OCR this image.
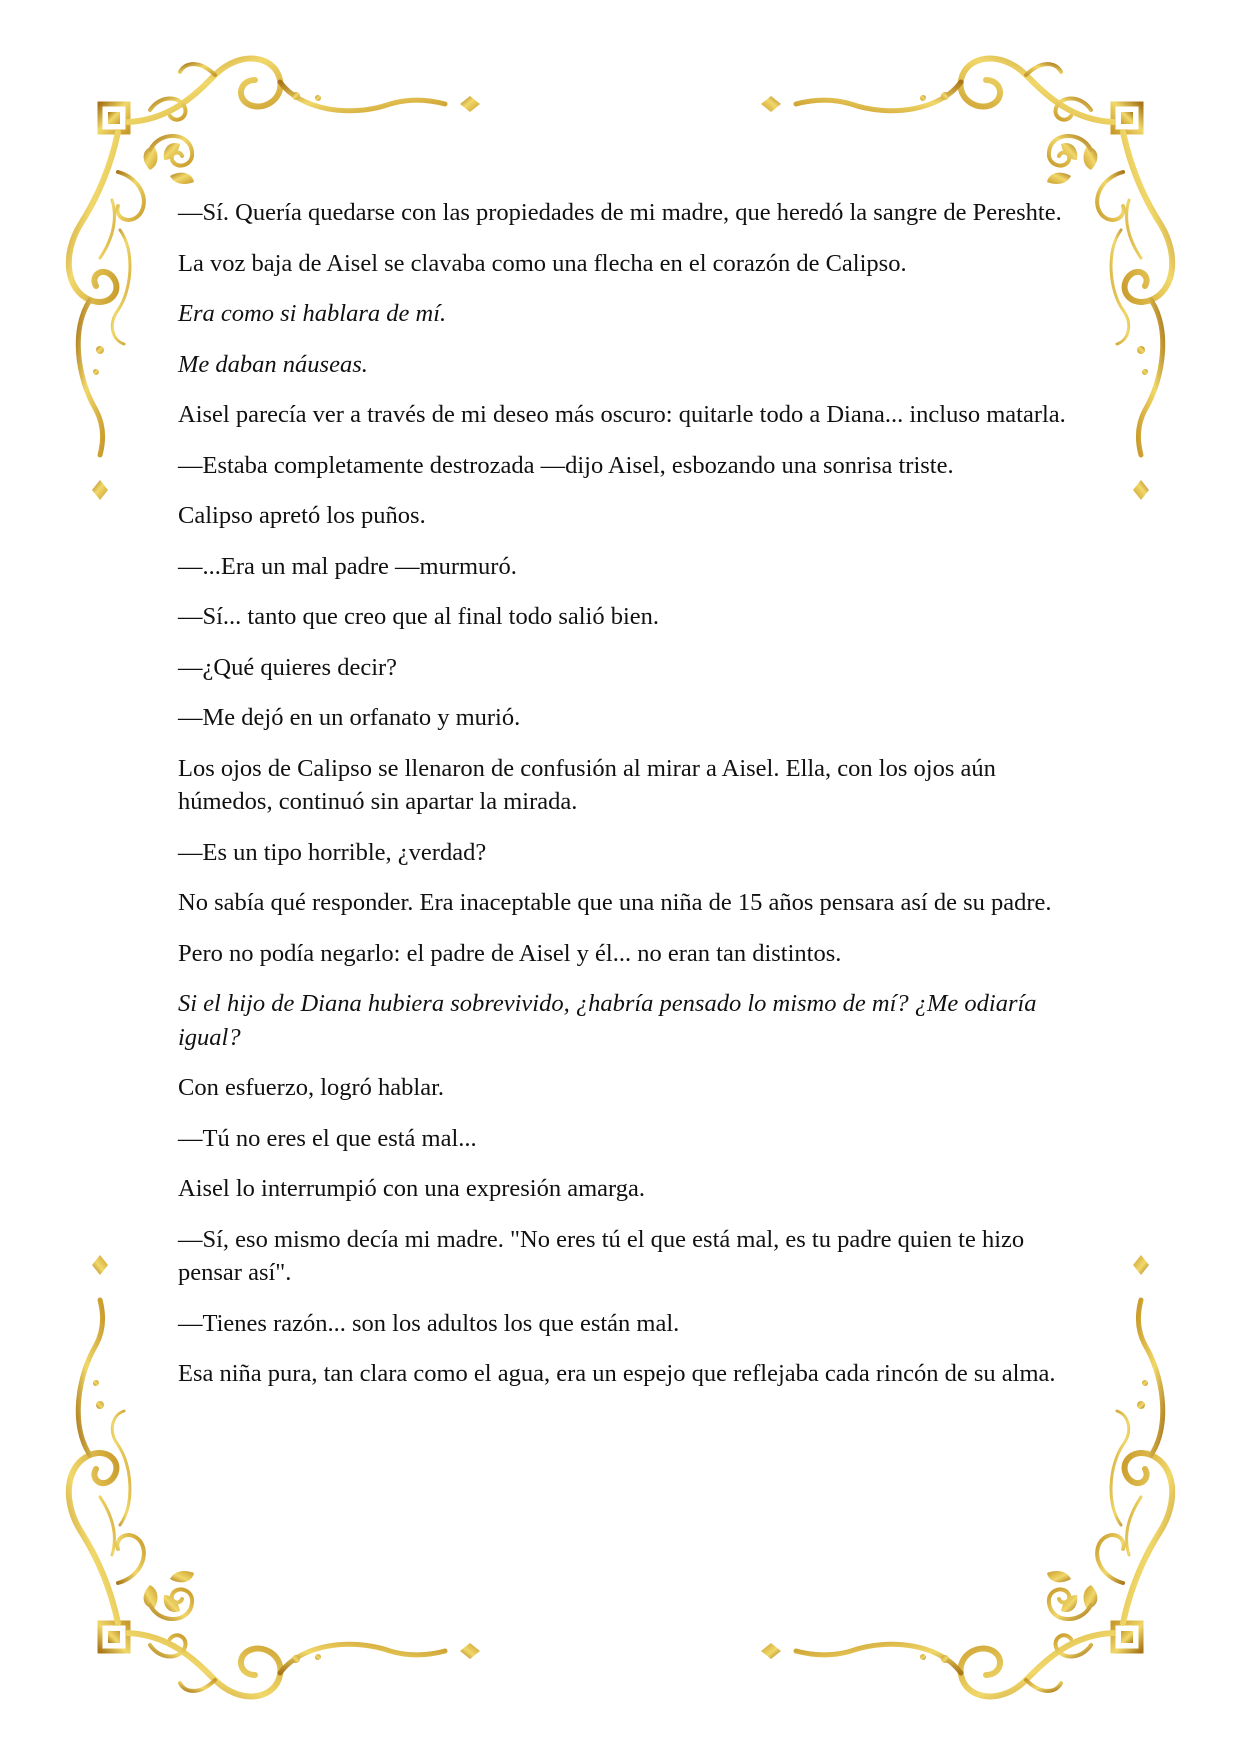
—Sí. Quería quedarse con las propiedades de mi madre, que heredó la sangre de Pereshte.

La voz baja de Aisel se clavaba como una flecha en el corazón de Calipso.

Era como si hablara de mí.

Me daban náuseas.

Aisel parecía ver a través de mi deseo más oscuro: quitarle todo a Diana... incluso matarla.

—Estaba completamente destrozada —dijo Aisel, esbozando una sonrisa triste.

Calipso apretó los puños.

—...Era un mal padre —murmuró.

—Sí... tanto que creo que al final todo salió bien.

—¿Qué quieres decir?

—Me dejó en un orfanato y murió.

Los ojos de Calipso se llenaron de confusión al mirar a Aisel. Ella, con los ojos aún húmedos, continuó sin apartar la mirada.

—Es un tipo horrible, ¿verdad?

No sabía qué responder. Era inaceptable que una niña de 15 años pensara así de su padre.

Pero no podía negarlo: el padre de Aisel y él... no eran tan distintos.

Si el hijo de Diana hubiera sobrevivido, ¿habría pensado lo mismo de mí? ¿Me odiaría igual?

Con esfuerzo, logró hablar.

—Tú no eres el que está mal...

Aisel lo interrumpió con una expresión amarga.

—Sí, eso mismo decía mi madre. "No eres tú el que está mal, es tu padre quien te hizo pensar así".

—Tienes razón... son los adultos los que están mal.

Esa niña pura, tan clara como el agua, era un espejo que reflejaba cada rincón de su alma.
